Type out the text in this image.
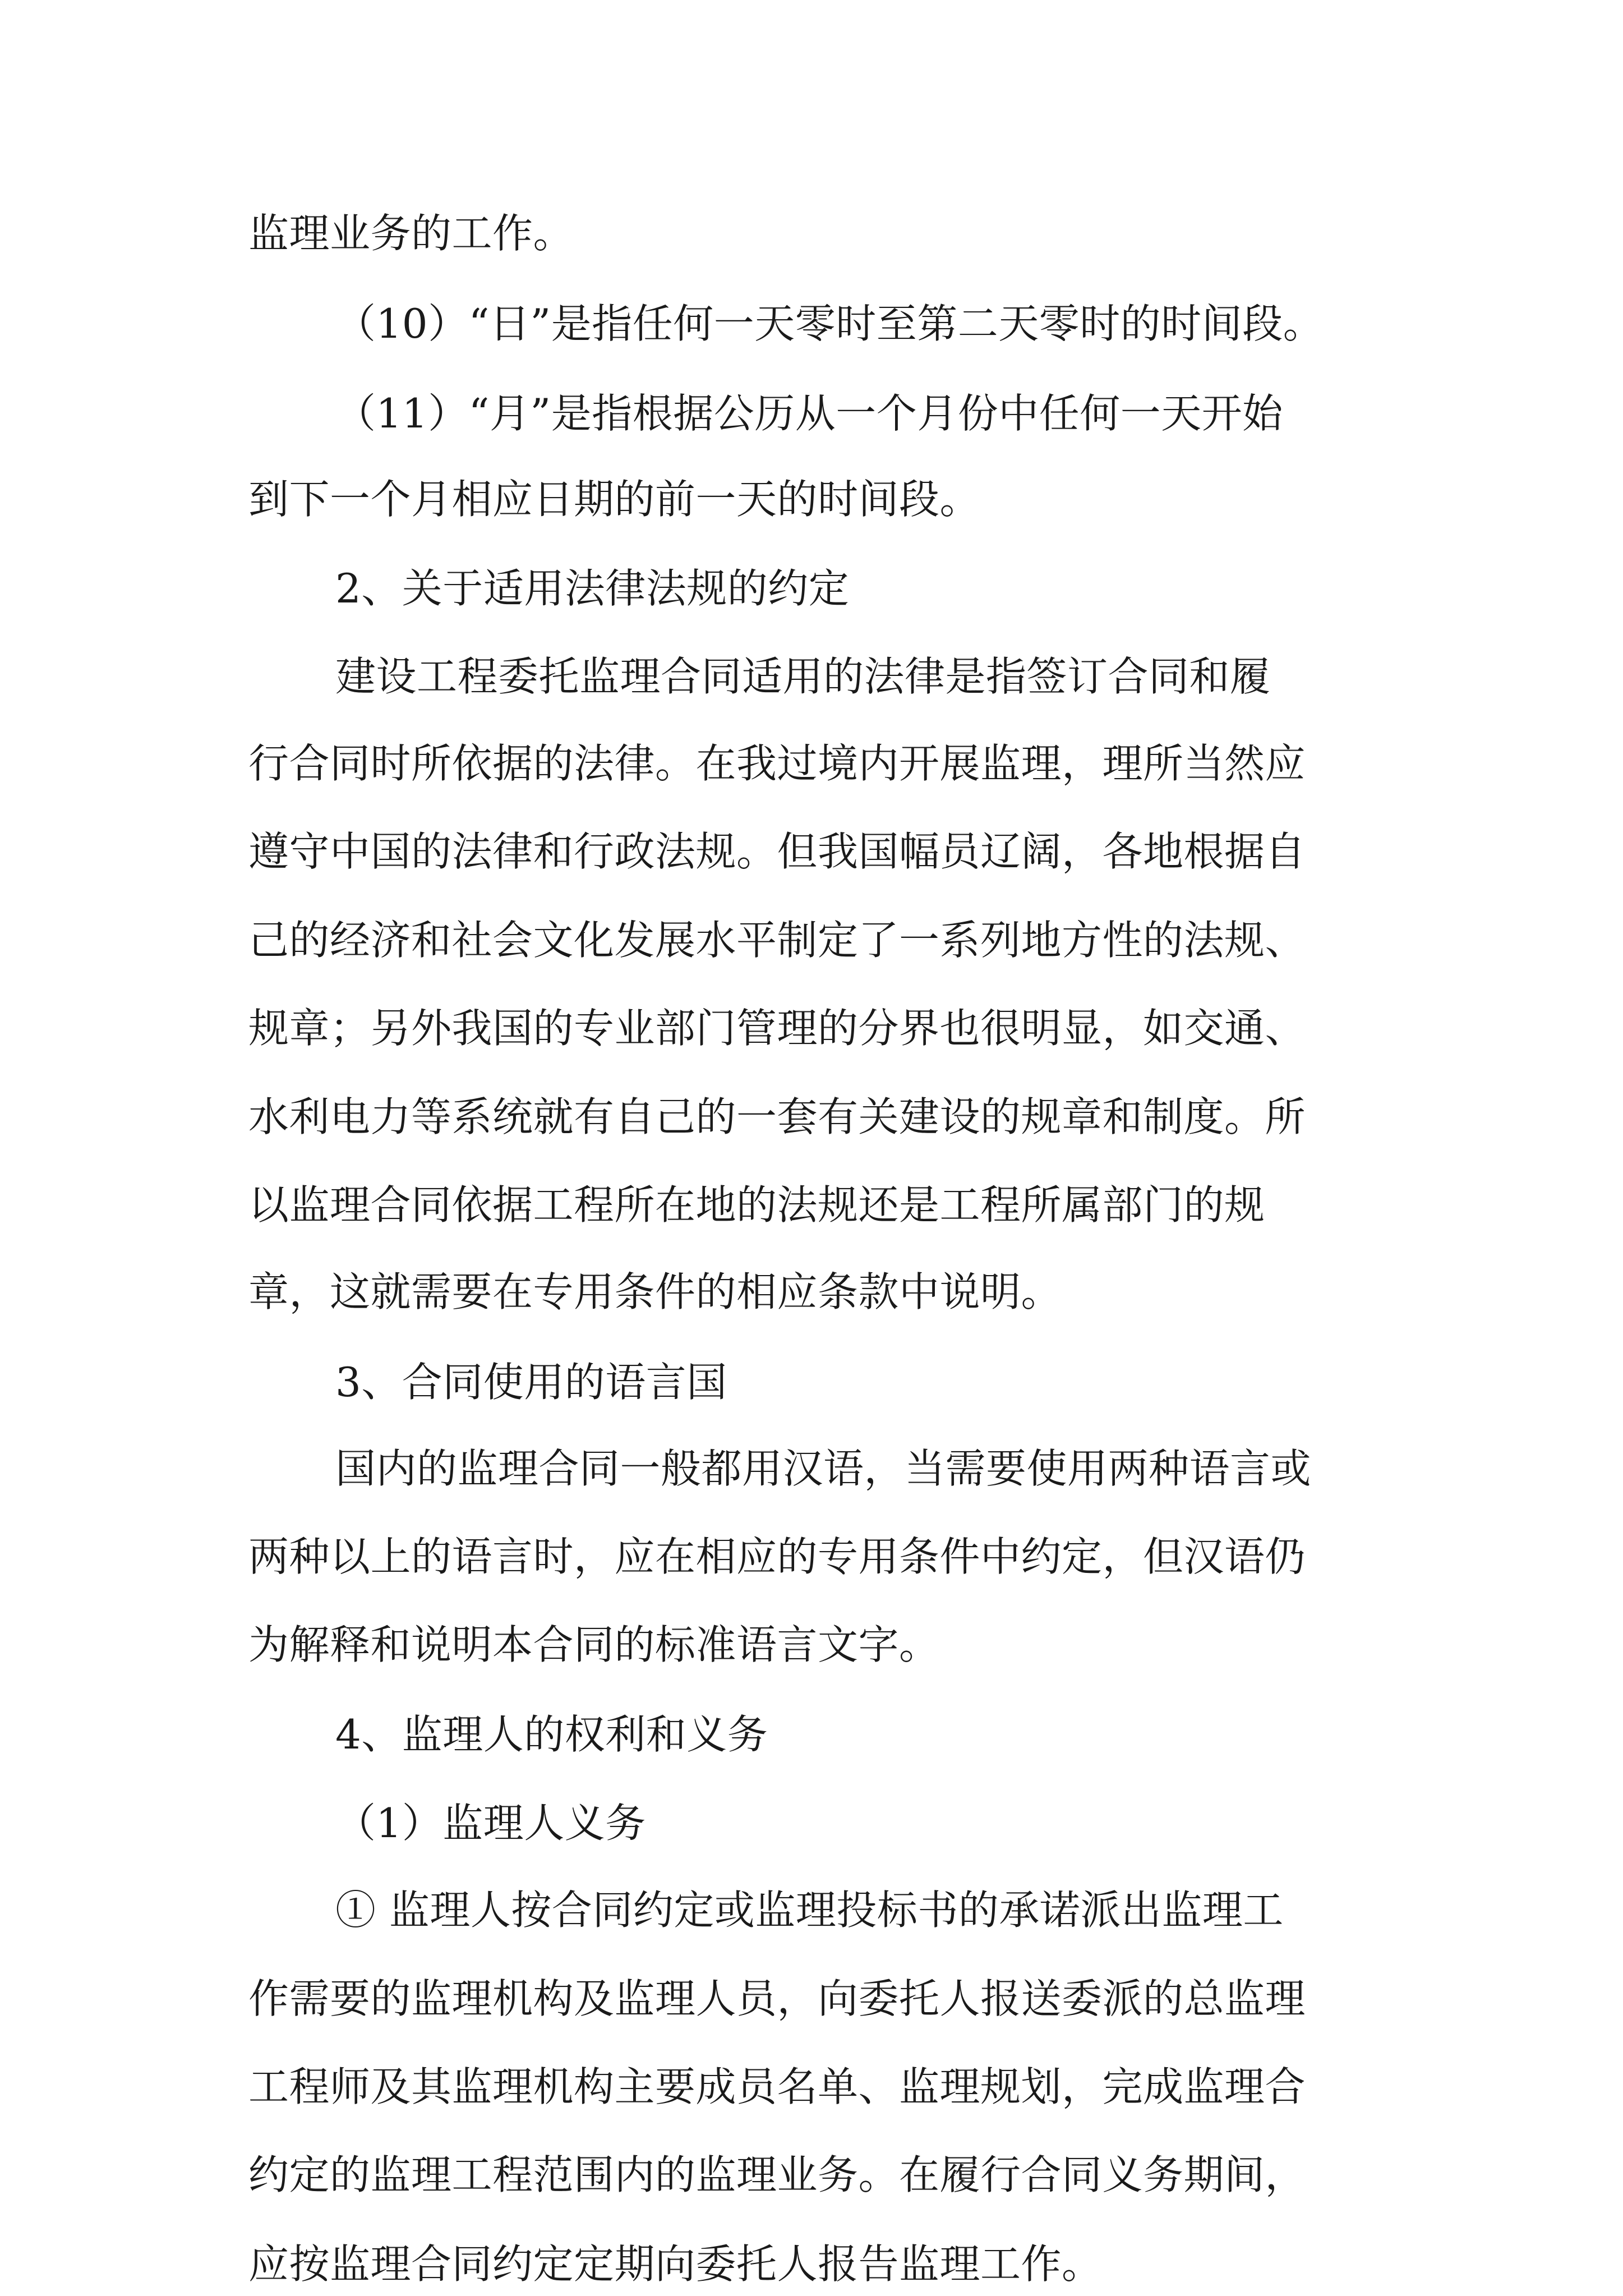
监理业务的工作。

（10）“日”是指任何一天零时至第二天零时的时间段。

（11）“月”是指根据公历从一个月份中任何一天开始

到下一个月相应日期的前一天的时间段。

2、关于适用法律法规的约定

建设工程委托监理合同适用的法律是指签订合同和履

行合同时所依据的法律。在我过境内开展监理，理所当然应

遵守中国的法律和行政法规。但我国幅员辽阔，各地根据自

己的经济和社会文化发展水平制定了一系列地方性的法规、

规章；另外我国的专业部门管理的分界也很明显，如交通、

水利电力等系统就有自己的一套有关建设的规章和制度。所

以监理合同依据工程所在地的法规还是工程所属部门的规

章，这就需要在专用条件的相应条款中说明。

3、合同使用的语言国

国内的监理合同一般都用汉语，当需要使用两种语言或

两种以上的语言时，应在相应的专用条件中约定，但汉语仍

为解释和说明本合同的标准语言文字。

4、监理人的权利和义务

（1）监理人义务

① 监理人按合同约定或监理投标书的承诺派出监理工

作需要的监理机构及监理人员，向委托人报送委派的总监理

工程师及其监理机构主要成员名单、监理规划，完成监理合

约定的监理工程范围内的监理业务。在履行合同义务期间，

应按监理合同约定定期向委托人报告监理工作。
